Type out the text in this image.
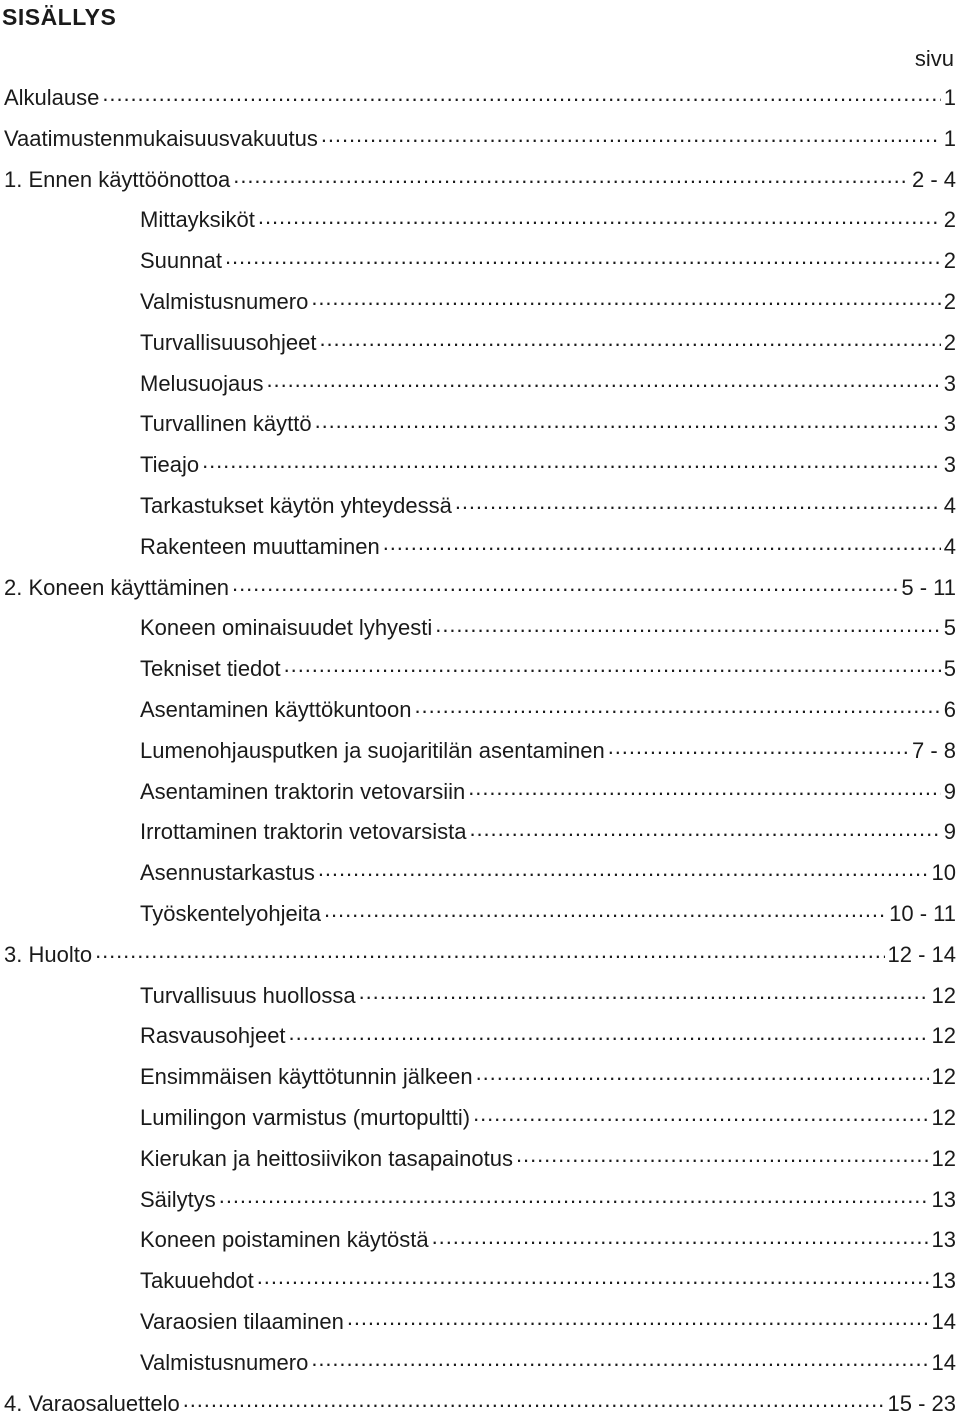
SISÄLLYS
sivu
Alkulause . . .	1
Vaatimustenmukaisuusvakuutus . . .	1
1. Ennen käyttöönottoa . . .	2 - 4
Mittayksiköt . . .	2
Suunnat . . .	2
Valmistusnumero . . .	2
Turvallisuusohjeet . . .	2
Melusuojaus . . .	3
Turvallinen käyttö . . .	3
Tieajo . . .	3
Tarkastukset käytön yhteydessä . . .	4
Rakenteen muuttaminen . . .	4
2. Koneen käyttäminen . . .	5 - 11
Koneen ominaisuudet lyhyesti . . .	5
Tekniset tiedot . . .	5
Asentaminen käyttökuntoon . . .	6
Lumenohjausputken ja suojaritilän asentaminen . . .	7 - 8
Asentaminen traktorin vetovarsiin . . .	9
Irrottaminen traktorin vetovarsista . . .	9
Asennustarkastus . . .	10
Työskentelyohjeita . . .	10 - 11
3. Huolto . . .	12 - 14
Turvallisuus huollossa . . .	12
Rasvausohjeet . . .	12
Ensimmäisen käyttötunnin jälkeen . . .	12
Lumilingon varmistus (murtopultti) . . .	12
Kierukan ja heittosiivikon tasapainotus . . .	12
Säilytys . . .	13
Koneen poistaminen käytöstä . . .	13
Takuuehdot . . .	13
Varaosien tilaaminen . . .	14
Valmistusnumero . . .	14
4. Varaosaluettelo . . .	15 - 23
